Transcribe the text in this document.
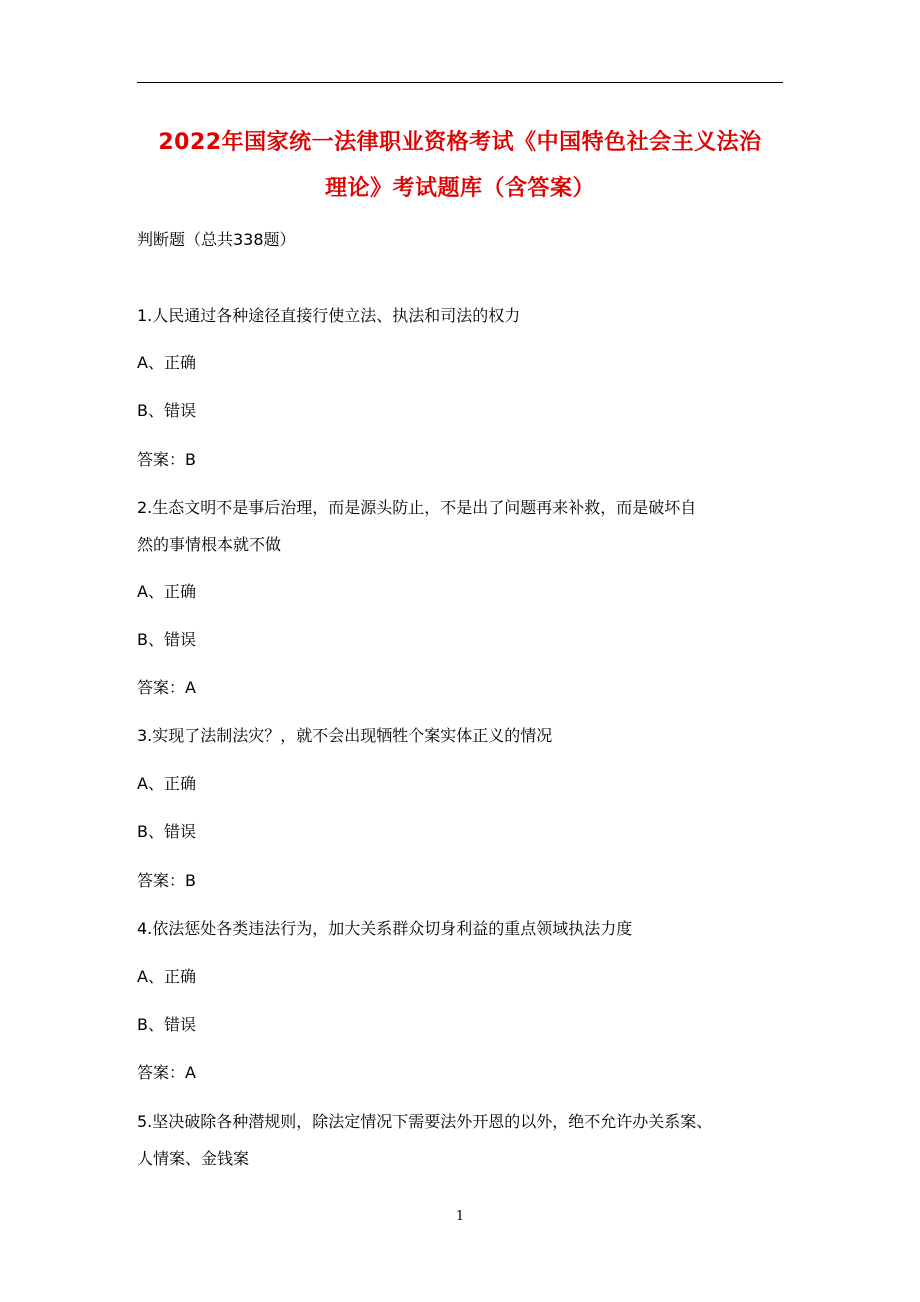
2022年国家统一法律职业资格考试《中国特色社会主义法治
理论》考试题库（含答案）
判断题（总共338题）
1.人民通过各种途径直接行使立法、执法和司法的权力
A、正确
B、错误
答案：B
2.生态文明不是事后治理，而是源头防止，不是出了问题再来补救，而是破坏自
然的事情根本就不做
A、正确
B、错误
答案：A
3.实现了法制法灾？，就不会出现牺牲个案实体正义的情况
A、正确
B、错误
答案：B
4.依法惩处各类违法行为，加大关系群众切身利益的重点领域执法力度
A、正确
B、错误
答案：A
5.坚决破除各种潜规则，除法定情况下需要法外开恩的以外，绝不允许办关系案、
人情案、金钱案
1
